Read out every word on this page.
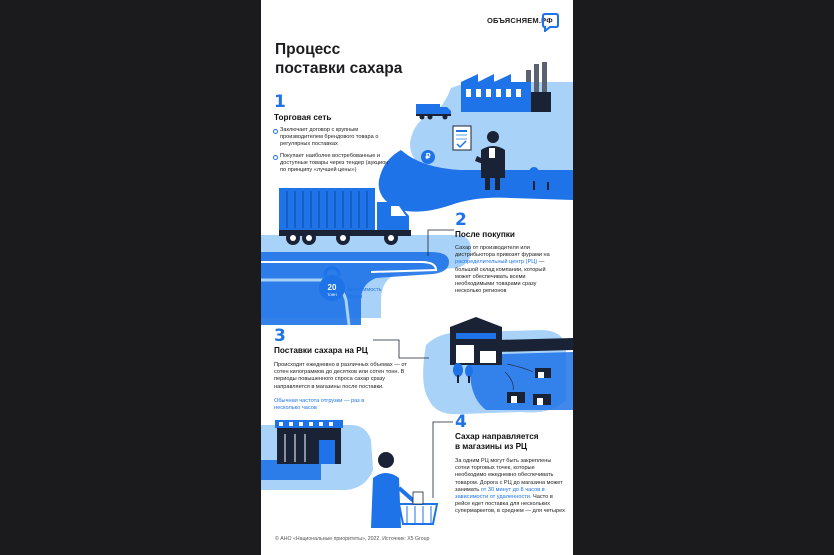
ОБЪЯСНЯЕМ.РФ
Процесс
поставки сахара
₽
1
Торговая сеть
Заключает договор с крупным производителем брендового товара о регулярных поставках
Покупает наиболее востребованные и доступные товары через тендер (аукцион по принципу «лучшей цены»)
20
тонн
вместимость фуры
2
После покупки
Сахар от производителя или дистрибьютора привозят фурами на распределительный центр (РЦ) — большой склад компании, который может обеспечивать всеми необходимыми товарами сразу несколько регионов
3
Поставки сахара на РЦ
Происходят ежедневно в различных объемах — от сотен килограммов до десятков или сотен тонн. В периоды повышенного спроса сахар сразу направляется в магазины после поставки.
Обычная частота отгрузки — раз в несколько часов
4
Сахар направляется
в магазины из РЦ
За одним РЦ могут быть закреплены сотни торговых точек, которые необходимо ежедневно обеспечивать товаром. Дорога с РЦ до магазина может занимать от 30 минут до 8 часов в зависимости от удаленности. Часто в рейсе едет поставка для нескольких супермаркетов, в среднем — для четырех
© АНО «Национальные приоритеты», 2022. Источник: X5 Group
